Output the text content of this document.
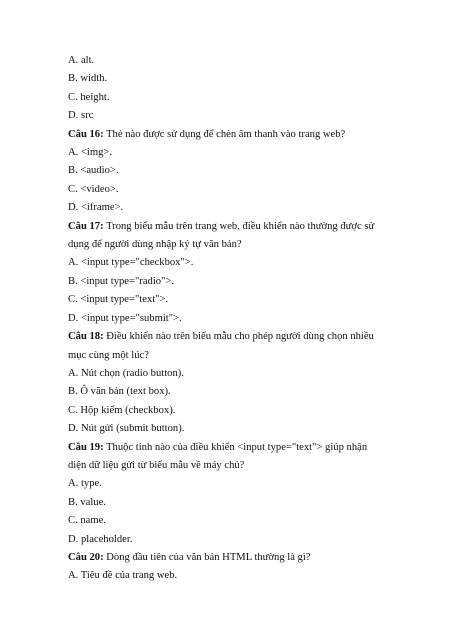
A. alt.
B. width.
C. height.
D. src
Câu 16: Thẻ nào được sử dụng để chèn âm thanh vào trang web?
A. <img>.
B. <audio>.
C. <video>.
D. <iframe>.
Câu 17: Trong biểu mẫu trên trang web, điều khiển nào thường được sử
dụng để người dùng nhập ký tự văn bản?
A. <input type="checkbox">.
B. <input type="radio">.
C. <input type="text">.
D. <input type="submit">.
Câu 18: Điều khiển nào trên biểu mẫu cho phép người dùng chọn nhiều
mục cùng một lúc?
A. Nút chọn (radio button).
B. Ô văn bản (text box).
C. Hộp kiểm (checkbox).
D. Nút gửi (submit button).
Câu 19: Thuộc tính nào của điều khiển <input type="text"> giúp nhận
diện dữ liệu gửi từ biểu mẫu về máy chủ?
A. type.
B. value.
C. name.
D. placeholder.
Câu 20: Dòng đầu tiên của văn bản HTML thường là gì?
A. Tiêu đề của trang web.
